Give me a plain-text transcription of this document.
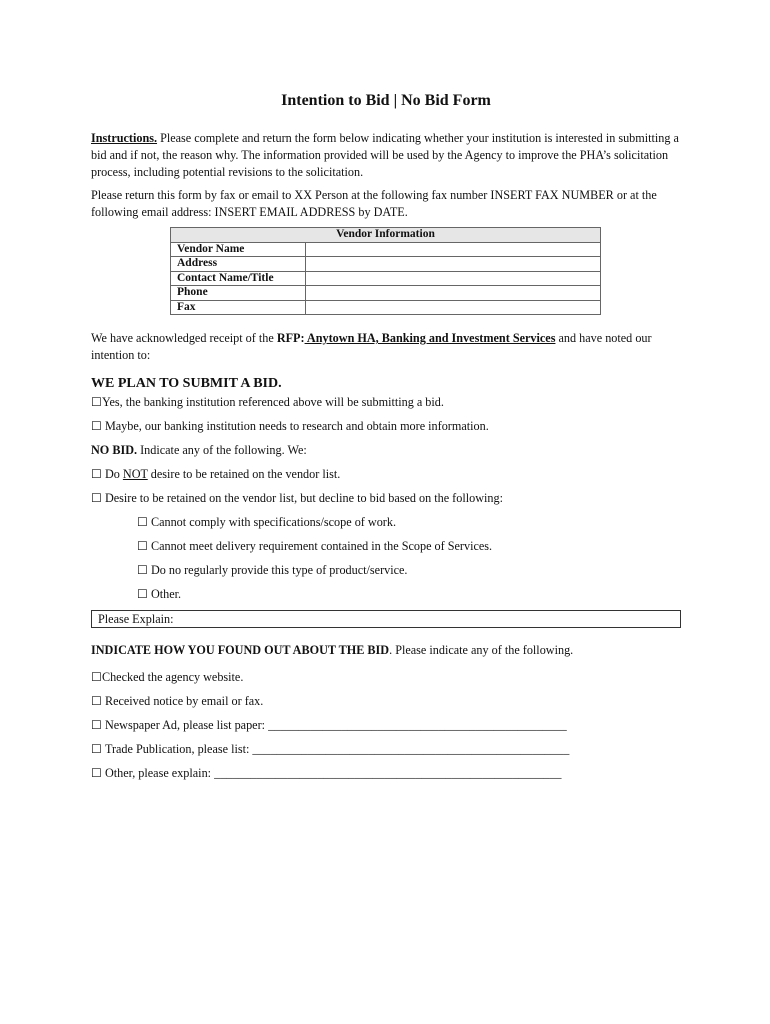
Intention to Bid | No Bid Form

Instructions. Please complete and return the form below indicating whether your institution is interested in submitting a bid and if not, the reason why. The information provided will be used by the Agency to improve the PHA’s solicitation process, including potential revisions to the solicitation.

Please return this form by fax or email to XX Person at the following fax number INSERT FAX NUMBER or at the following email address: INSERT EMAIL ADDRESS by DATE.

Vendor Information	
Vendor Name	
Address	
Contact Name/Title	
Phone	
Fax	

We have acknowledged receipt of the RFP: Anytown HA, Banking and Investment Services and have noted our intention to:

WE PLAN TO SUBMIT A BID.

☐Yes, the banking institution referenced above will be submitting a bid.

☐ Maybe, our banking institution needs to research and obtain more information.

NO BID. Indicate any of the following. We:

☐ Do NOT desire to be retained on the vendor list.

☐ Desire to be retained on the vendor list, but decline to bid based on the following:

☐ Cannot comply with specifications/scope of work.

☐ Cannot meet delivery requirement contained in the Scope of Services.

☐ Do no regularly provide this type of product/service.

☐ Other.

Please Explain:

INDICATE HOW YOU FOUND OUT ABOUT THE BID. Please indicate any of the following.

☐Checked the agency website.

☐ Received notice by email or fax.

☐ Newspaper Ad, please list paper: _________________________________________________

☐ Trade Publication, please list: ____________________________________________________

☐ Other, please explain: _________________________________________________________
